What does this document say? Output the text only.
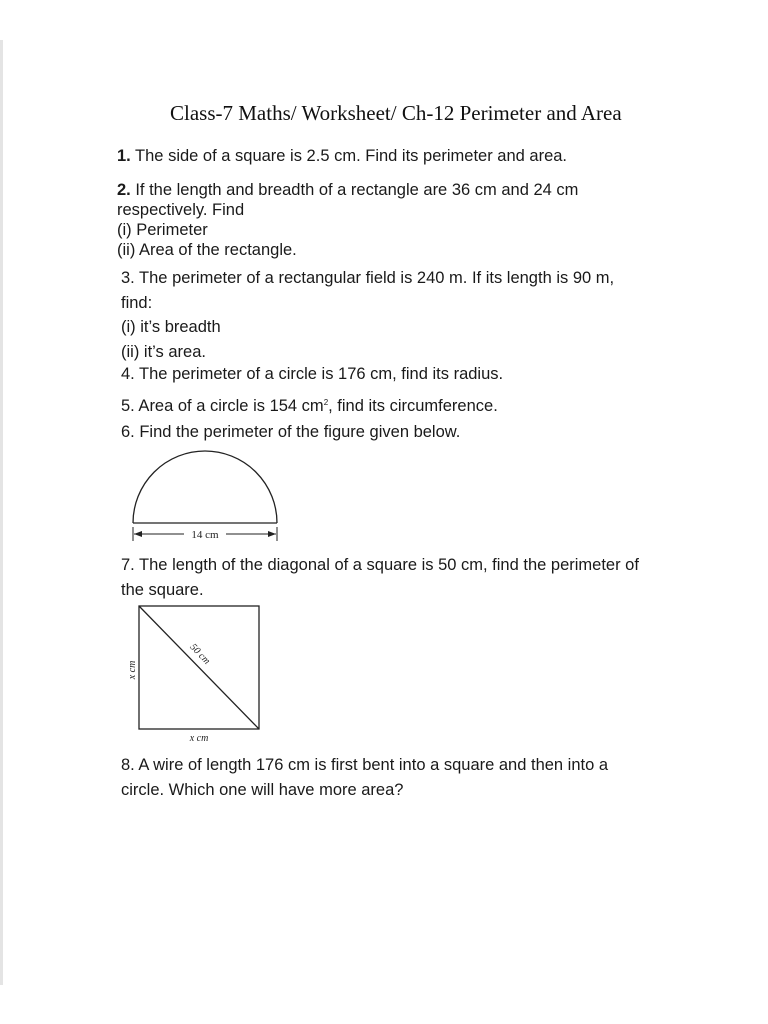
Class-7 Maths/ Worksheet/ Ch-12 Perimeter and Area
1. The side of a square is 2.5 cm. Find its perimeter and area.
2. If the length and breadth of a rectangle are 36 cm and 24 cm
respectively. Find
(i) Perimeter
(ii) Area of the rectangle.
3. The perimeter of a rectangular field is 240 m. If its length is 90 m,
find:
(i) it’s breadth
(ii) it’s area.
4. The perimeter of a circle is 176 cm, find its radius.
5. Area of a circle is 154 $cm^2$, find its circumference.
6. Find the perimeter of the figure given below.
14 cm
7. The length of the diagonal of a square is 50 cm, find the perimeter of
the square.
50 cm
x cm
x cm
8. A wire of length 176 cm is first bent into a square and then into a
circle. Which one will have more area?
